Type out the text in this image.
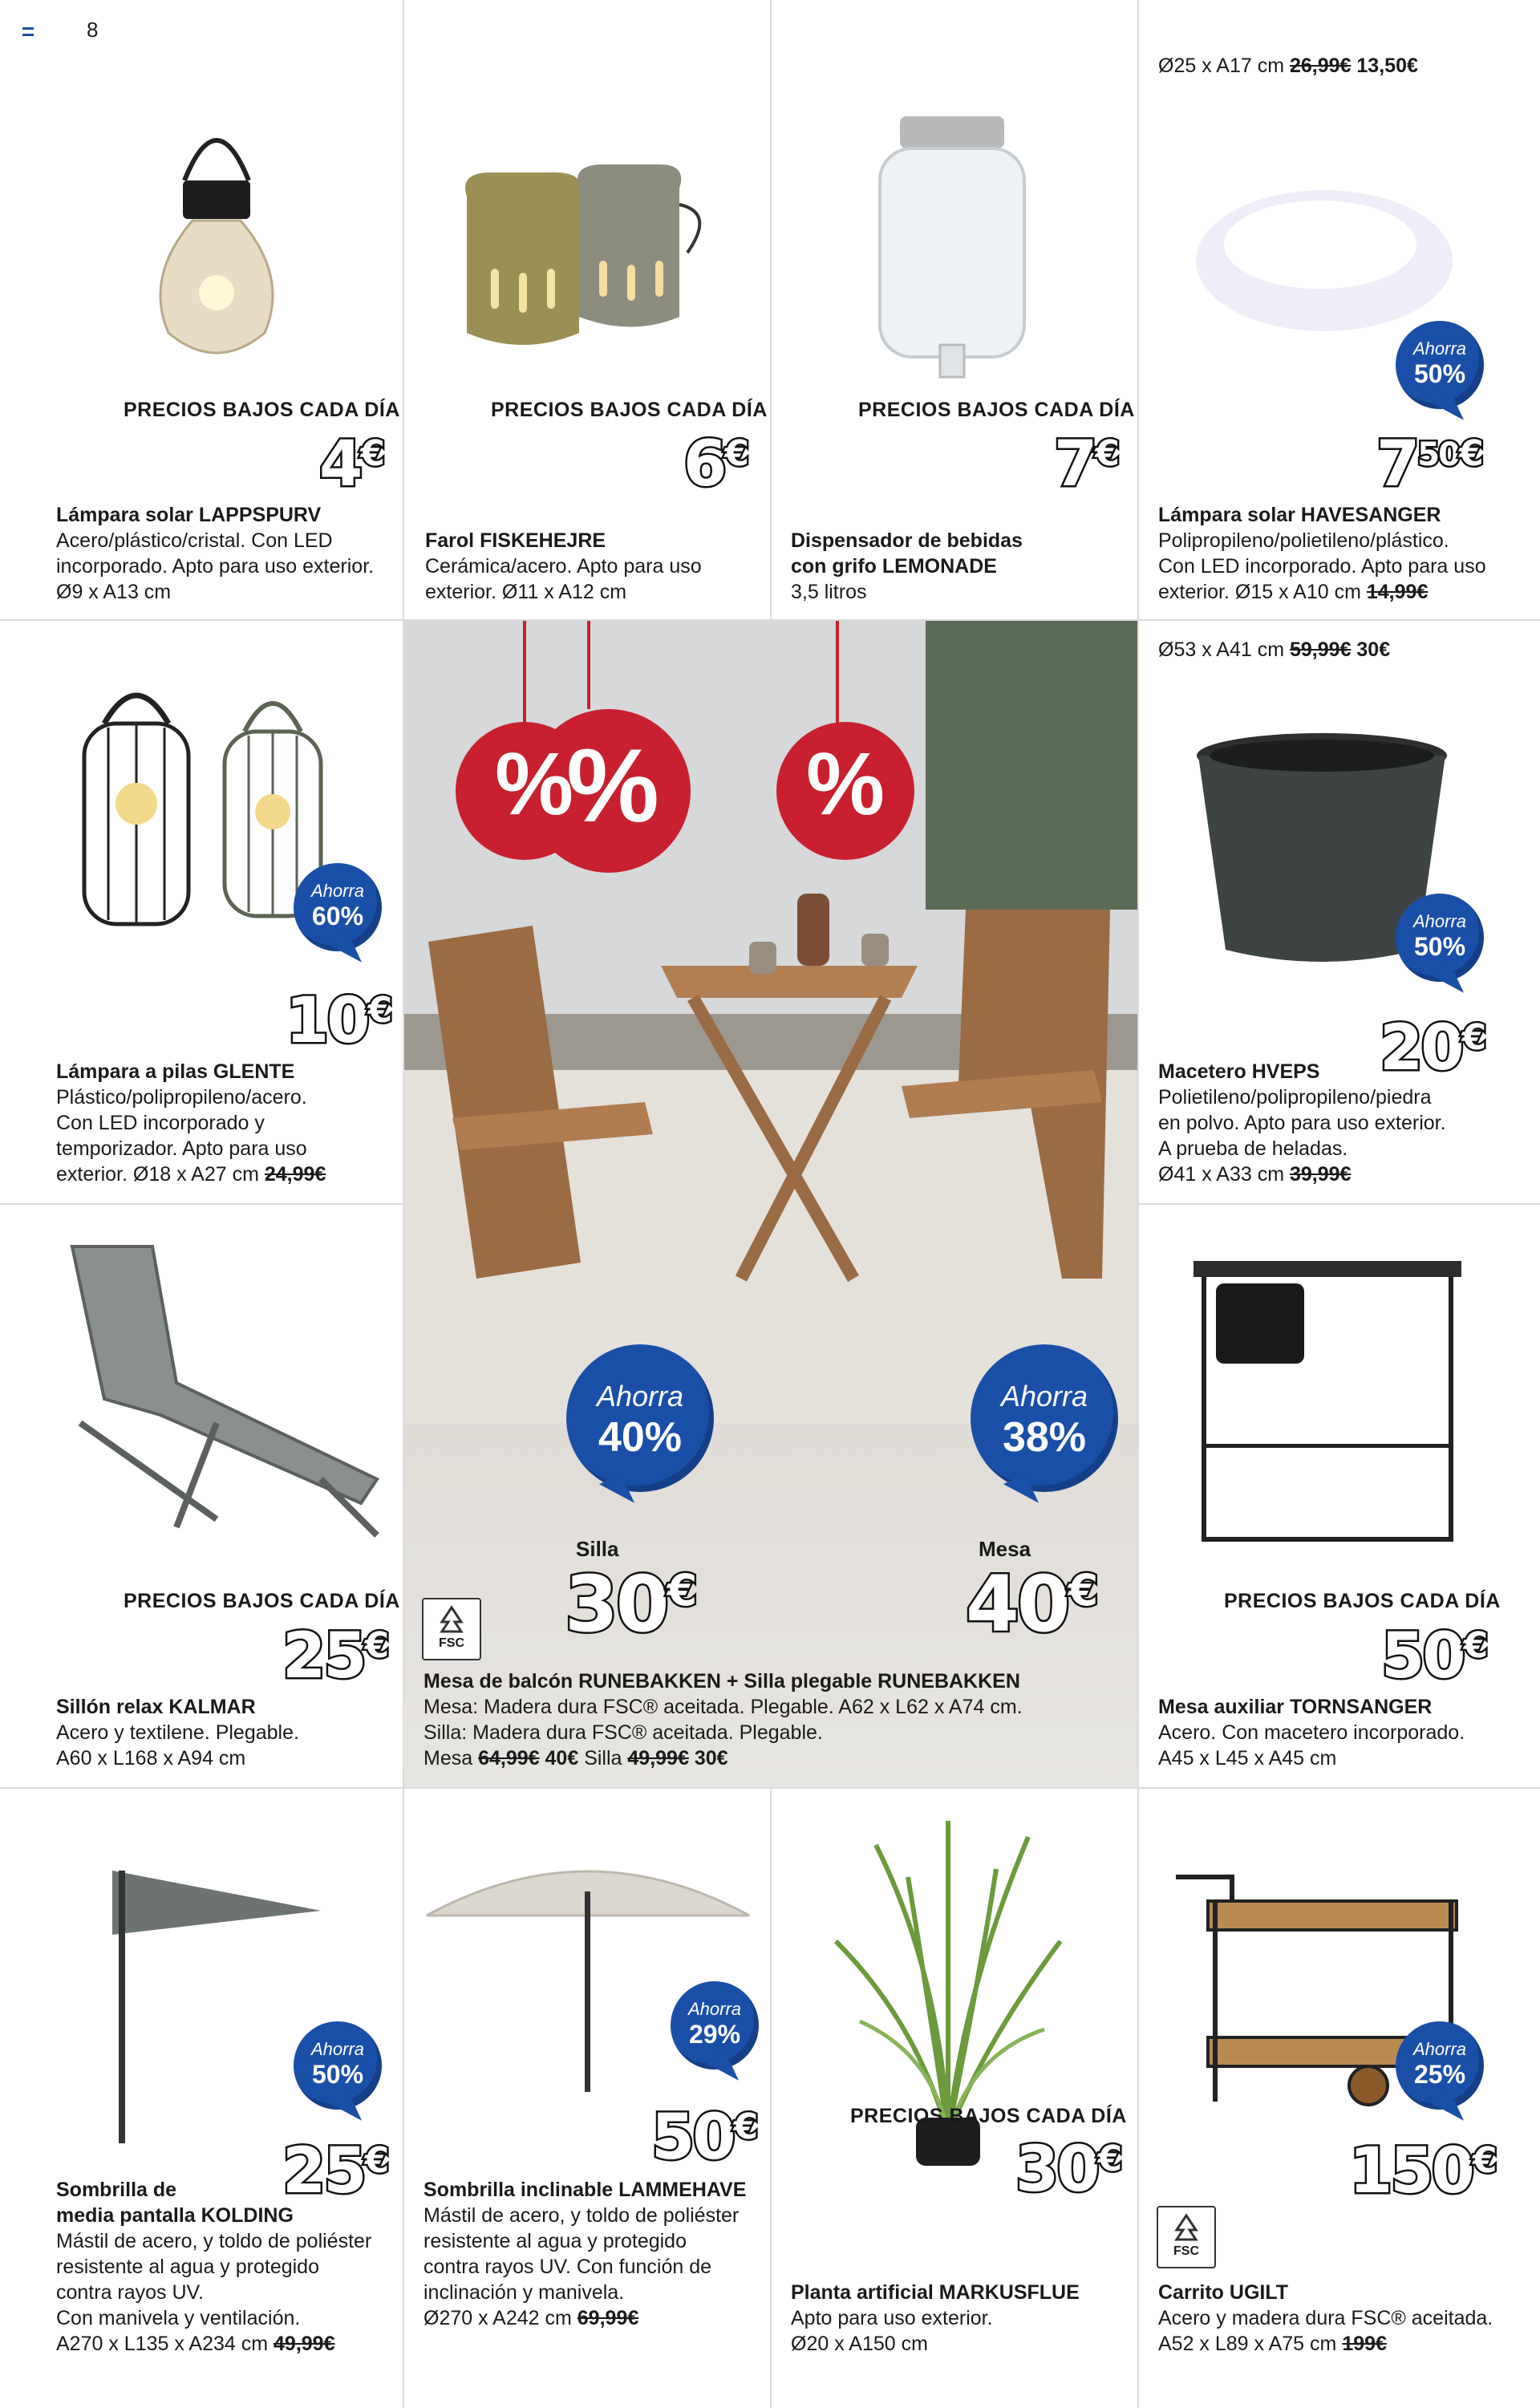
8
PRECIOS BAJOS CADA DÍA
4€
Lámpara solar LAPPSPURV
Acero/plástico/cristal. Con LED
incorporado. Apto para uso exterior.
Ø9 x A13 cm
PRECIOS BAJOS CADA DÍA
6€
Farol FISKEHEJRE
Cerámica/acero. Apto para uso
exterior. Ø11 x A12 cm
PRECIOS BAJOS CADA DÍA
7€
Dispensador de bebidas
con grifo LEMONADE
3,5 litros
Ø25 x A17 cm 26,99€ 13,50€
Ahorra
50%
$7^{50€}$
Lámpara solar HAVESANGER
Polipropileno/polietileno/plástico.
Con LED incorporado. Apto para uso
exterior. Ø15 x A10 cm 14,99€
Ahorra
60%
10€
Lámpara a pilas GLENTE
Plástico/polipropileno/acero.
Con LED incorporado y
temporizador. Apto para uso
exterior. Ø18 x A27 cm 24,99€
%
% %
Ahorra
40%
Ahorra
38%
Silla
30€
Mesa
40€
FSC
Mesa de balcón RUNEBAKKEN + Silla plegable RUNEBAKKEN
Mesa: Madera dura FSC® aceitada. Plegable. A62 x L62 x A74 cm.
Silla: Madera dura FSC® aceitada. Plegable.
Mesa 64,99€ 40€ Silla 49,99€ 30€
Ø53 x A41 cm 59,99€ 30€
Ahorra
50%
20€
Macetero HVEPS
Polietileno/polipropileno/piedra
en polvo. Apto para uso exterior.
A prueba de heladas.
Ø41 x A33 cm 39,99€
PRECIOS BAJOS CADA DÍA
25€
Sillón relax KALMAR
Acero y textilene. Plegable.
A60 x L168 x A94 cm
PRECIOS BAJOS CADA DÍA
50€
Mesa auxiliar TORNSANGER
Acero. Con macetero incorporado.
A45 x L45 x A45 cm
Ahorra
50%
25€
Sombrilla de
media pantalla KOLDING
Mástil de acero, y toldo de poliéster
resistente al agua y protegido
contra rayos UV.
Con manivela y ventilación.
A270 x L135 x A234 cm 49,99€
Ahorra
29%
50€
Sombrilla inclinable LAMMEHAVE
Mástil de acero, y toldo de poliéster
resistente al agua y protegido
contra rayos UV. Con función de
inclinación y manivela.
Ø270 x A242 cm 69,99€
PRECIOS BAJOS CADA DÍA
30€
Planta artificial MARKUSFLUE
Apto para uso exterior.
Ø20 x A150 cm
Ahorra
25%
150€
FSC
Carrito UGILT
Acero y madera dura FSC® aceitada.
A52 x L89 x A75 cm 199€
